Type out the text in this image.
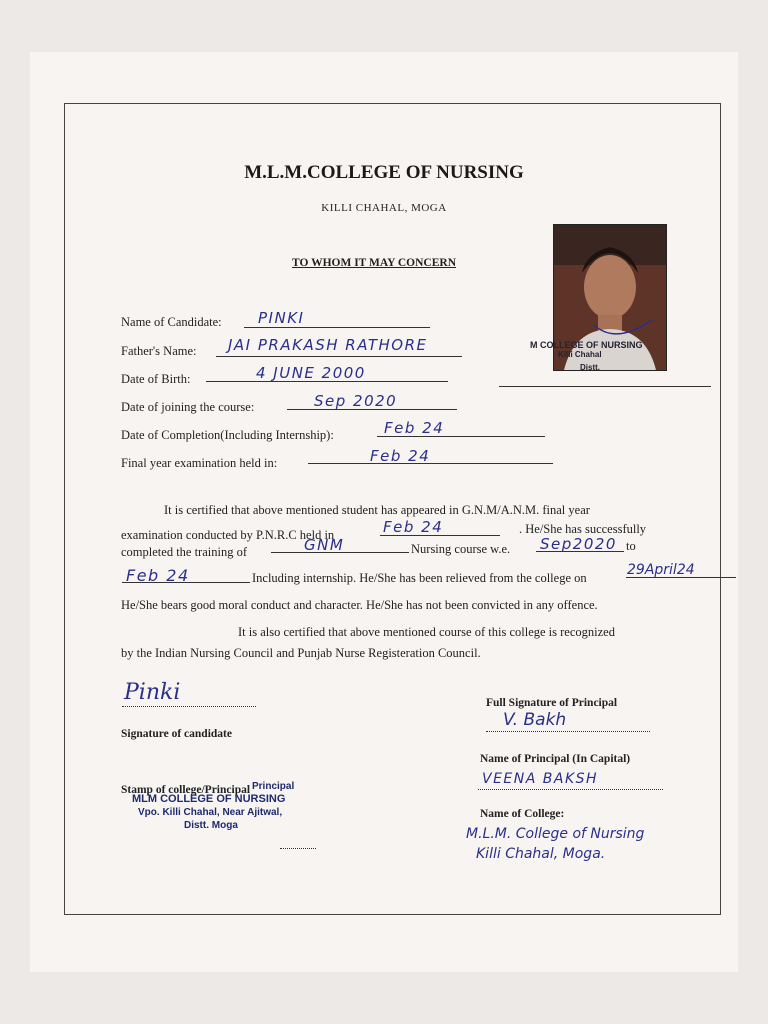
M.L.M.COLLEGE OF NURSING
KILLI CHAHAL, MOGA
TO WHOM IT MAY CONCERN
M COLLEGE OF NURSING
Killi Chahal
Distt.
Name of Candidate: PINKI
Father's Name: JAI PRAKASH RATHORE
Date of Birth:	4 JUNE 2000
Date of joining the course:	Sep 2020
Date of Completion(Including Internship):	Feb 24
Final year examination held in:	Feb 24
It is certified that above mentioned student has appeared in G.N.M/A.N.M. final year
examination conducted by P.N.R.C held in	Feb 24	. He/She has successfully
completed the training of	GNM	Nursing course w.e. Sep2020 to
Feb 24	Including internship. He/She has been relieved from the college on	29April24
He/She bears good moral conduct and character. He/She has not been convicted in any offence.
It is also certified that above mentioned course of this college is recognized
by the Indian Nursing Council and Punjab Nurse Registeration Council.
Pinki
Signature of candidate
Full Signature of Principal
V. Bakh
Name of Principal (In Capital)
VEENA BAKSH
Name of College:
M.L.M. College of Nursing
Killi Chahal, Moga.
Stamp of college/Principal Principal
MLM COLLEGE OF NURSING
Vpo. Killi Chahal, Near Ajitwal,
Distt. Moga
